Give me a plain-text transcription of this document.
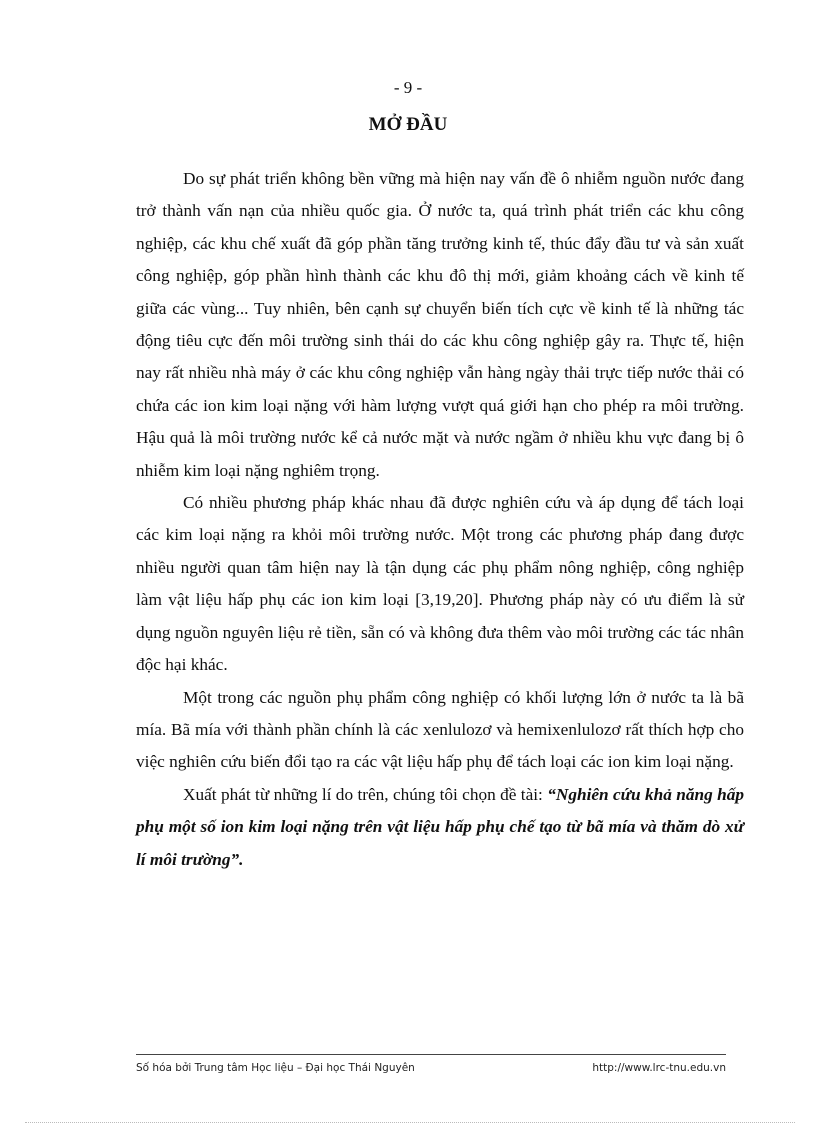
- 9 -
MỞ ĐẦU

Do sự phát triển không bền vững mà hiện nay vấn đề ô nhiễm nguồn nước đang trở thành vấn nạn của nhiều quốc gia. Ở nước ta, quá trình phát triển các khu công nghiệp, các khu chế xuất đã góp phần tăng trưởng kinh tế, thúc đẩy đầu tư và sản xuất công nghiệp, góp phần hình thành các khu đô thị mới, giảm khoảng cách về kinh tế giữa các vùng... Tuy nhiên, bên cạnh sự chuyển biến tích cực về kinh tế là những tác động tiêu cực đến môi trường sinh thái do các khu công nghiệp gây ra. Thực tế, hiện nay rất nhiều nhà máy ở các khu công nghiệp vẫn hàng ngày thải trực tiếp nước thải có chứa các ion kim loại nặng với hàm lượng vượt quá giới hạn cho phép ra môi trường. Hậu quả là môi trường nước kể cả nước mặt và nước ngầm ở nhiều khu vực đang bị ô nhiễm kim loại nặng nghiêm trọng.

Có nhiều phương pháp khác nhau đã được nghiên cứu và áp dụng để tách loại các kim loại nặng ra khỏi môi trường nước. Một trong các phương pháp đang được nhiều người quan tâm hiện nay là tận dụng các phụ phẩm nông nghiệp, công nghiệp làm vật liệu hấp phụ các ion kim loại [3,19,20]. Phương pháp này có ưu điểm là sử dụng nguồn nguyên liệu rẻ tiền, sẵn có và không đưa thêm vào môi trường các tác nhân độc hại khác.

Một trong các nguồn phụ phẩm công nghiệp có khối lượng lớn ở nước ta là bã mía. Bã mía với thành phần chính là các xenlulozơ và hemixenlulozơ rất thích hợp cho việc nghiên cứu biến đổi tạo ra các vật liệu hấp phụ để tách loại các ion kim loại nặng.

Xuất phát từ những lí do trên, chúng tôi chọn đề tài: “Nghiên cứu khả năng hấp phụ một số ion kim loại nặng trên vật liệu hấp phụ chế tạo từ bã mía và thăm dò xử lí môi trường”.

Số hóa bởi Trung tâm Học liệu – Đại học Thái Nguyên	http://www.lrc-tnu.edu.vn
